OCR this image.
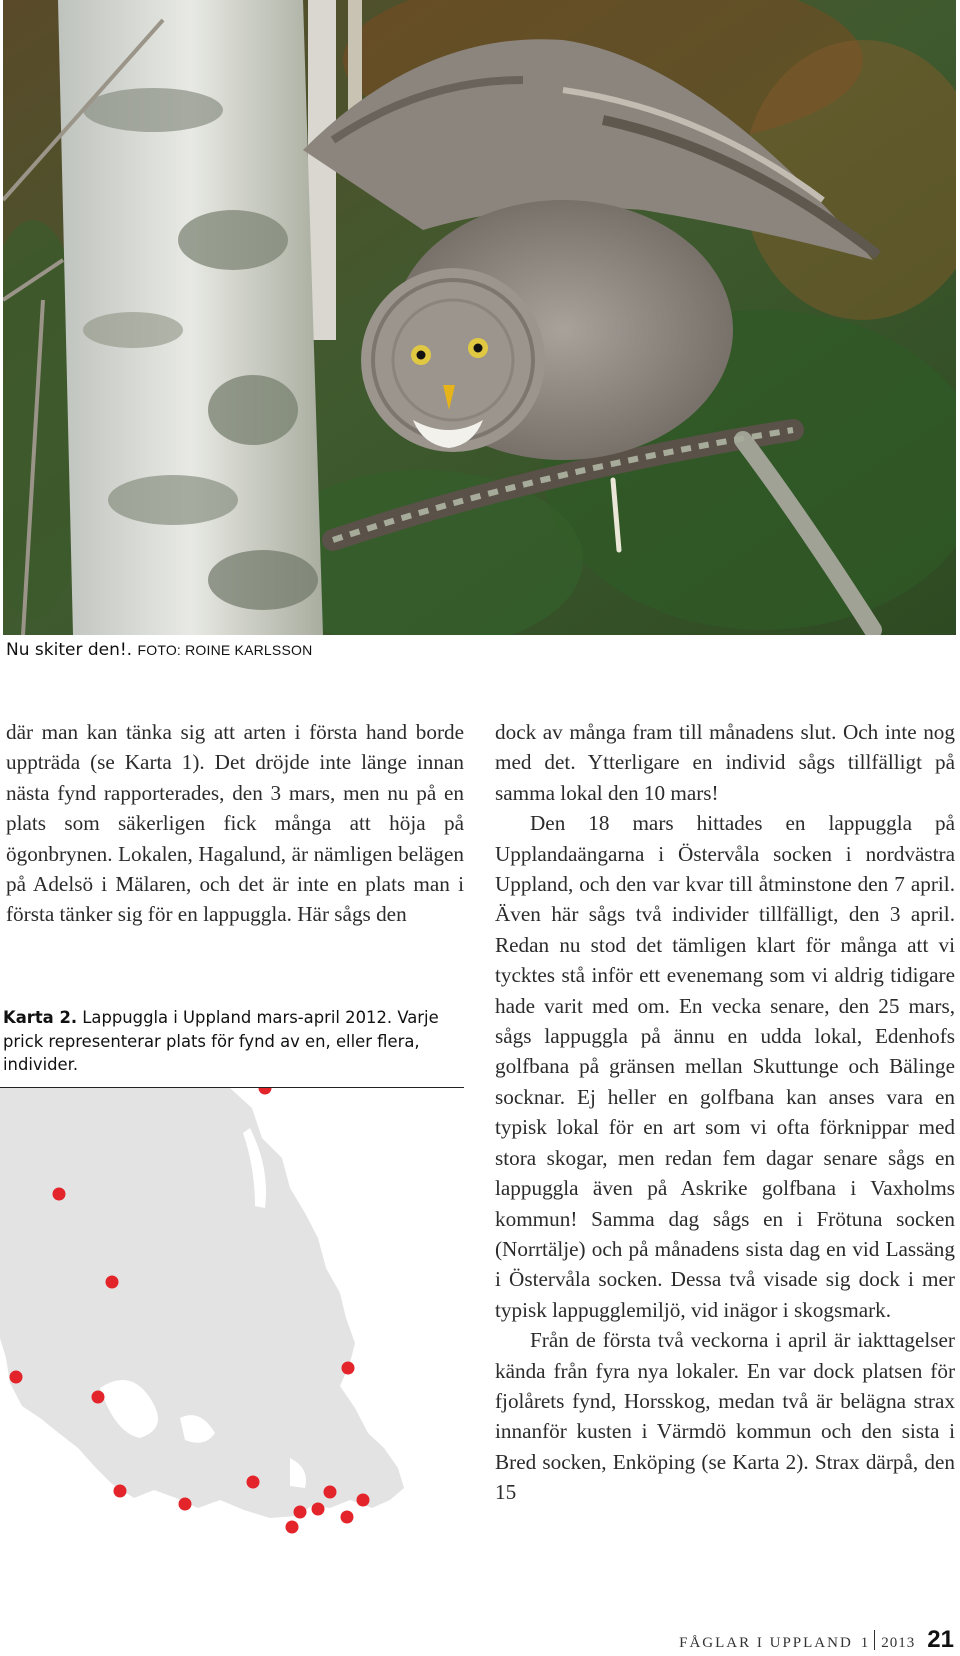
Nu skiter den!. FOTO: ROINE KARLSSON

där man kan tänka sig att arten i första hand borde uppträda (se Karta 1). Det dröjde inte länge innan nästa fynd rapporterades, den 3 mars, men nu på en plats som säkerligen fick många att höja på ögonbrynen. Lokalen, Hagalund, är nämligen belägen på Adelsö i Mälaren, och det är inte en plats man i första tänker sig för en lappuggla. Här sågs den

Karta 2. Lappuggla i Uppland mars-april 2012. Varje prick representerar plats för fynd av en, eller flera, individer.

dock av många fram till månadens slut. Och inte nog med det. Ytterligare en individ sågs tillfälligt på samma lokal den 10 mars!

Den 18 mars hittades en lappuggla på Upplandaängarna i Östervåla socken i nordvästra Uppland, och den var kvar till åtminstone den 7 april. Även här sågs två individer tillfälligt, den 3 april. Redan nu stod det tämligen klart för många att vi tycktes stå inför ett evenemang som vi aldrig tidigare hade varit med om. En vecka senare, den 25 mars, sågs lappuggla på ännu en udda lokal, Edenhofs golfbana på gränsen mellan Skuttunge och Bälinge socknar. Ej heller en golfbana kan anses vara en typisk lokal för en art som vi ofta förknippar med stora skogar, men redan fem dagar senare sågs en lappuggla även på Askrike golfbana i Vaxholms kommun! Samma dag sågs en i Frötuna socken (Norrtälje) och på månadens sista dag en vid Lassäng i Östervåla socken. Dessa två visade sig dock i mer typisk lappugglemiljö, vid inägor i skogsmark.

Från de första två veckorna i april är iakttagelser kända från fyra nya lokaler. En var dock platsen för fjolårets fynd, Horsskog, medan två är belägna strax innanför kusten i Värmdö kommun och den sista i Bred socken, Enköping (se Karta 2). Strax därpå, den 15

FÅGLAR I UPPLAND 1 2013 21
